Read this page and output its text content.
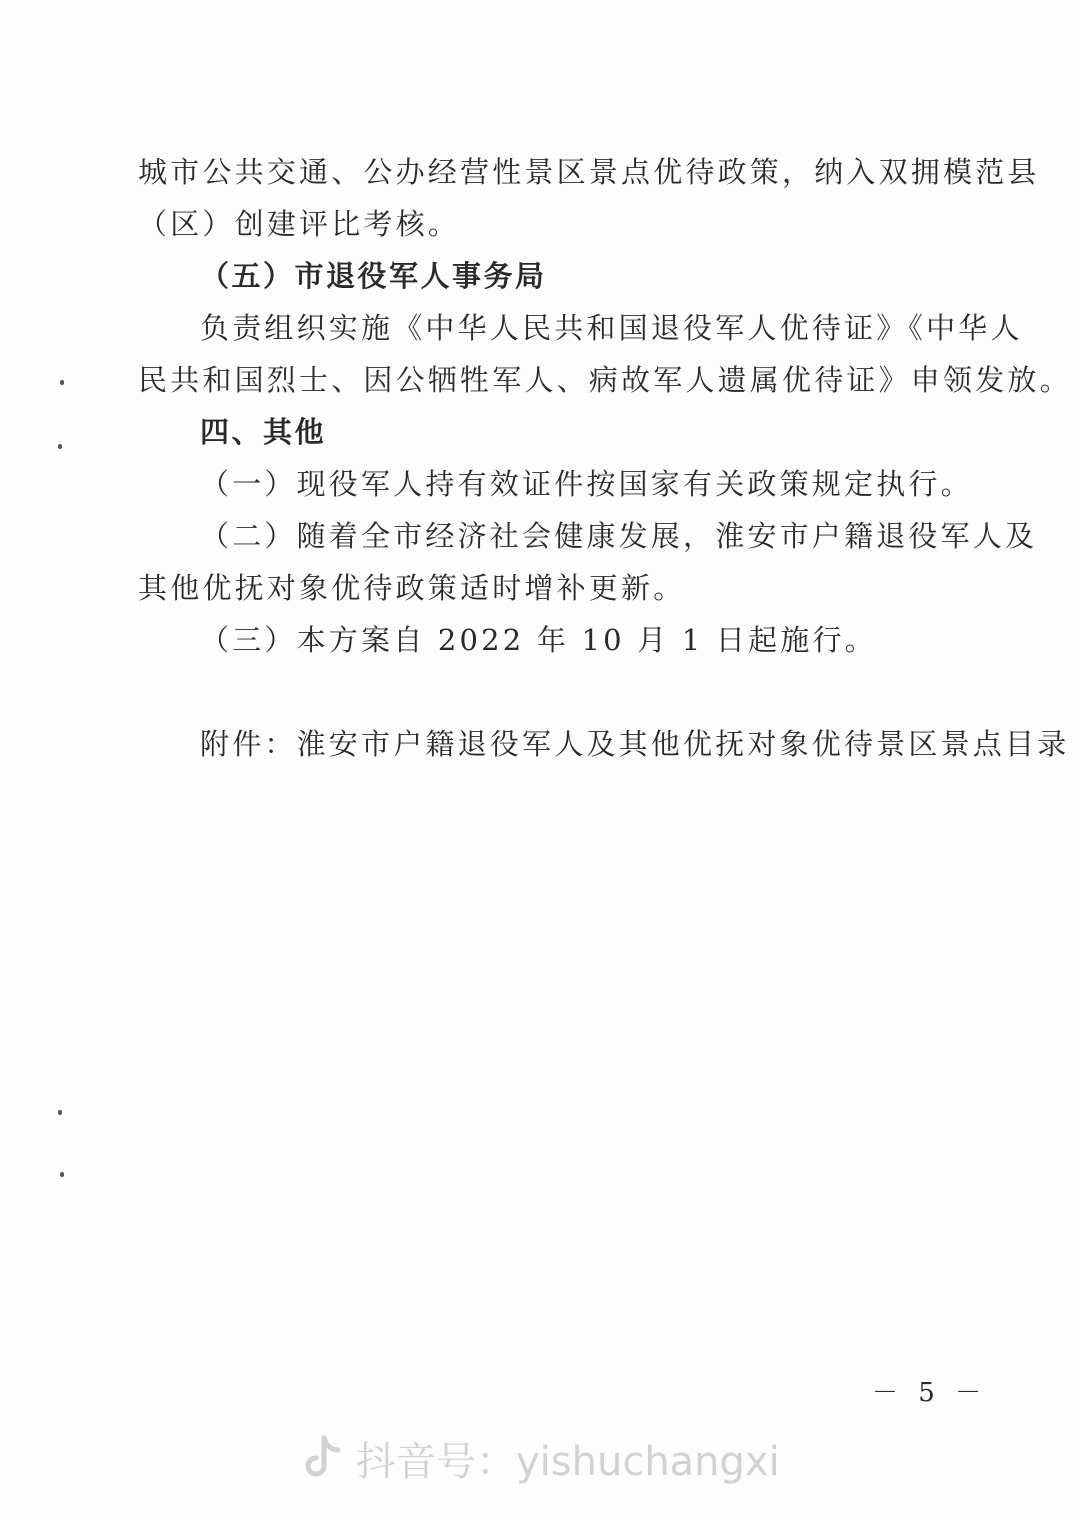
城市公共交通、公办经营性景区景点优待政策，纳入双拥模范县
（区）创建评比考核。
（五）市退役军人事务局
负责组织实施《中华人民共和国退役军人优待证》《中华人
民共和国烈士、因公牺牲军人、病故军人遗属优待证》申领发放。
四、其他
（一）现役军人持有效证件按国家有关政策规定执行。
（二）随着全市经济社会健康发展，淮安市户籍退役军人及
其他优抚对象优待政策适时增补更新。
（三）本方案自 2022 年 10 月 1 日起施行。
附件：淮安市户籍退役军人及其他优抚对象优待景区景点目录
－ 5 －
抖音号：yishuchangxi
